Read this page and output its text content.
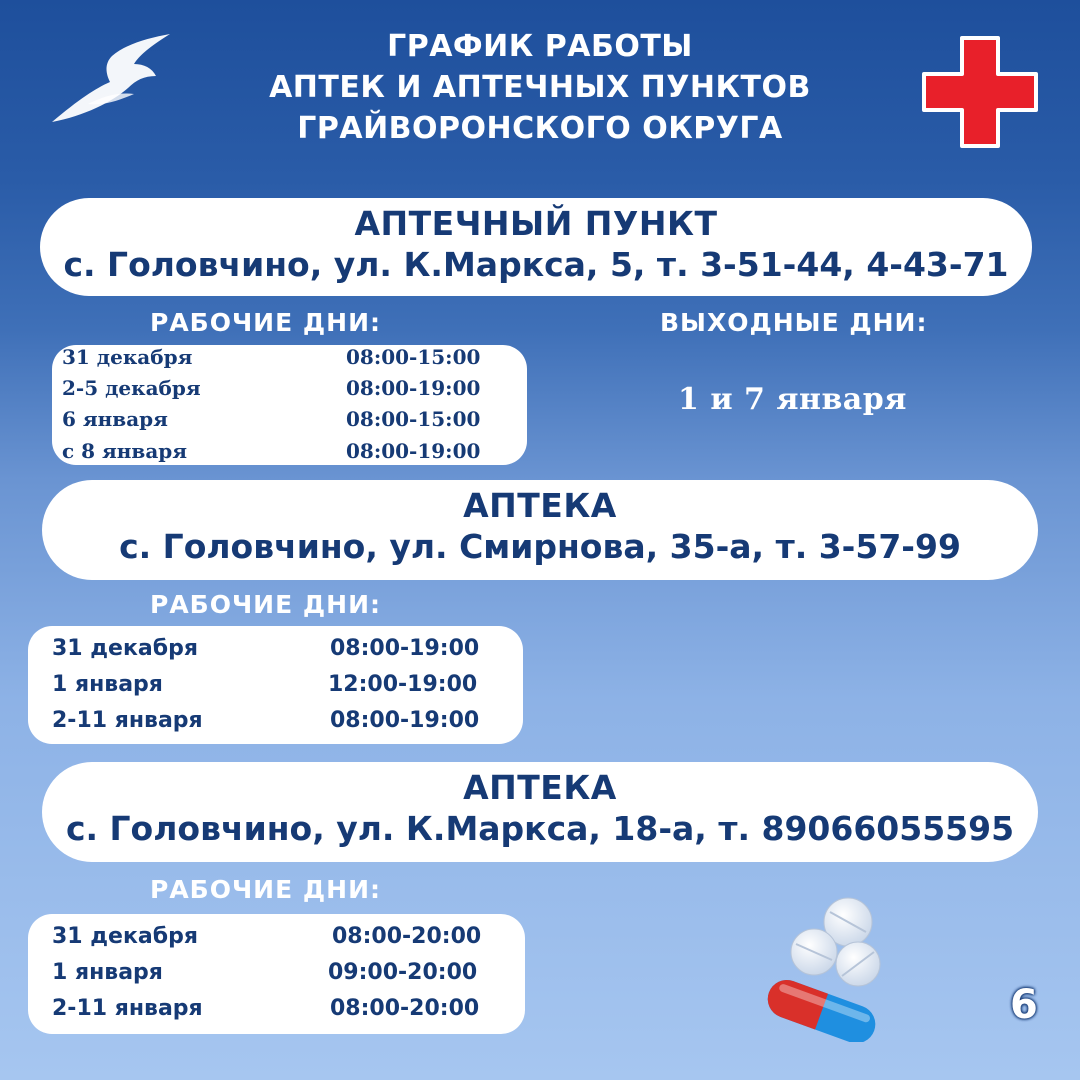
ГРАФИК РАБОТЫ
АПТЕК И АПТЕЧНЫХ ПУНКТОВ
ГРАЙВОРОНСКОГО ОКРУГА
АПТЕЧНЫЙ ПУНКТ
с. Головчино, ул. К.Маркса, 5, т. 3-51-44, 4-43-71
РАБОЧИЕ ДНИ:	ВЫХОДНЫЕ ДНИ:
31 декабря	08:00-15:00
2-5 декабря	08:00-19:00
6 января	08:00-15:00
с 8 января	08:00-19:00
1 и 7 января
АПТЕКА
с. Головчино, ул. Смирнова, 35-а, т. 3-57-99
РАБОЧИЕ ДНИ:
31 декабря	08:00-19:00
1 января	12:00-19:00
2-11 января	08:00-19:00
АПТЕКА
с. Головчино, ул. К.Маркса, 18-а, т. 89066055595
РАБОЧИЕ ДНИ:
31 декабря	08:00-20:00
1 января	09:00-20:00
2-11 января	08:00-20:00	6
